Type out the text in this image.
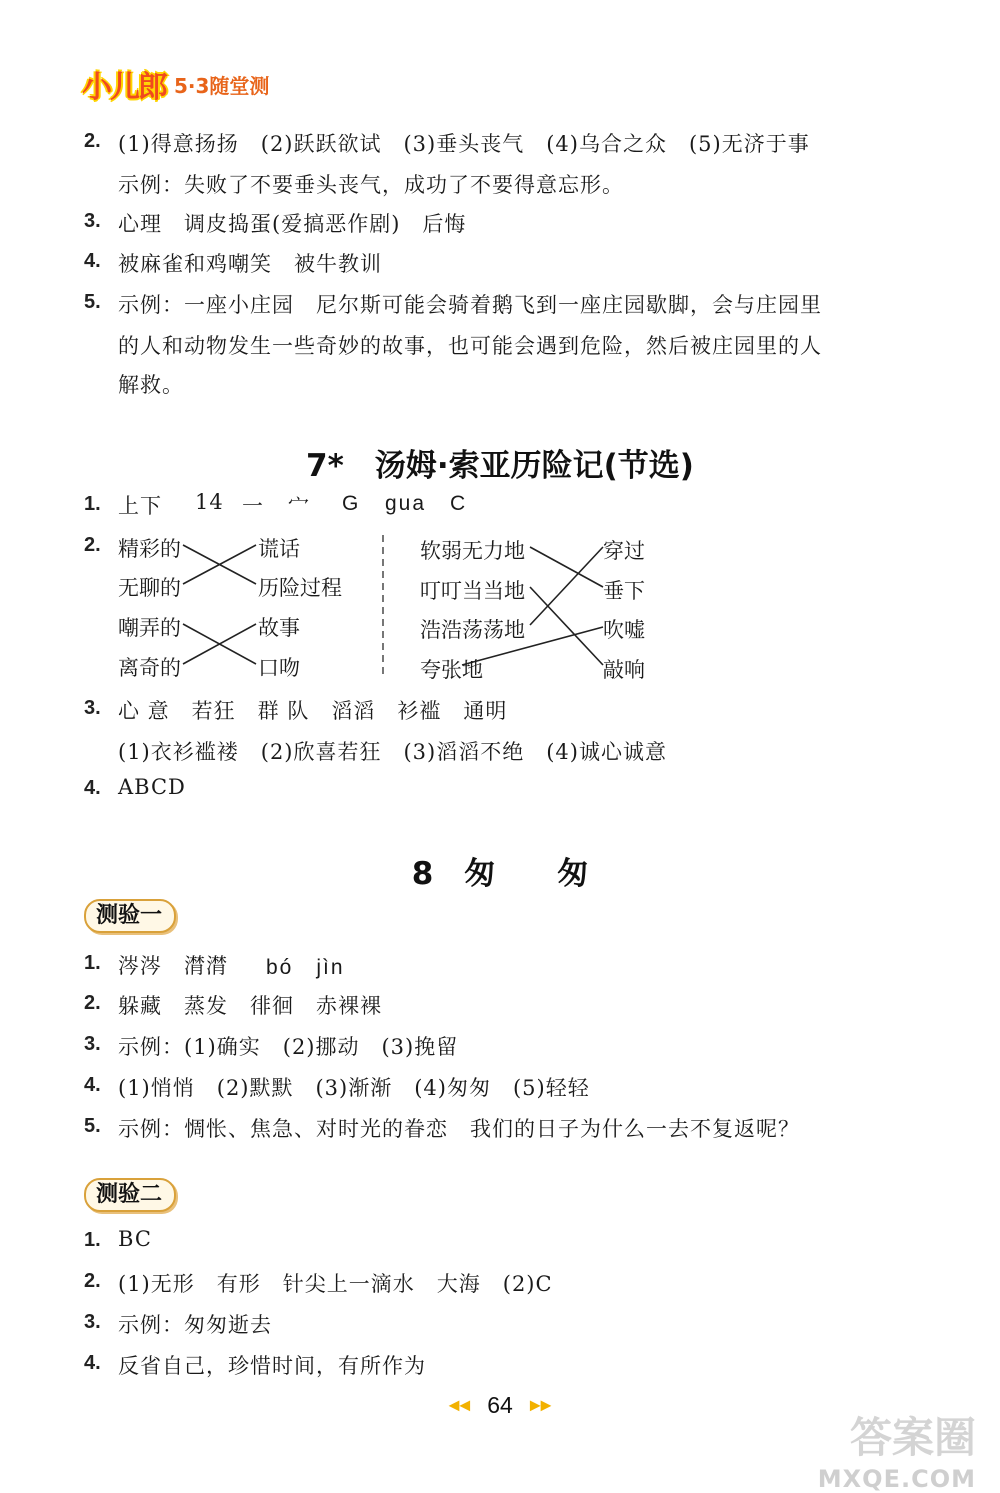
小儿郎 5·3随堂测
2. (1)得意扬扬　(2)跃跃欲试　(3)垂头丧气　(4)乌合之众　(5)无济于事
示例：失败了不要垂头丧气，成功了不要得意忘形。
3. 心理　调皮捣蛋(爱搞恶作剧)　后悔
4. 被麻雀和鸡嘲笑　被牛教训
5. 示例：一座小庄园　尼尔斯可能会骑着鹅飞到一座庄园歇脚，会与庄园里
的人和动物发生一些奇妙的故事，也可能会遇到危险，然后被庄园里的人
解救。
7*　汤姆·索亚历险记(节选)
1. 上下 14 一 宀 G gua C
2. 精彩的
无聊的
嘲弄的
离奇的
谎话
历险过程
故事
口吻
软弱无力地
叮叮当当地
浩浩荡荡地
夸张地
穿过
垂下
吹嘘
敲响
3. 心 意　若狂　群 队　滔滔　衫褴　通明
(1)衣衫褴褛　(2)欣喜若狂　(3)滔滔不绝　(4)诚心诚意
4. ABCD
8　匆　　匆
测验一
1. 涔涔　潸潸 bó　jìn
2. 躲藏　蒸发　徘徊　赤裸裸
3. 示例：(1)确实　(2)挪动　(3)挽留
4. (1)悄悄　(2)默默　(3)渐渐　(4)匆匆　(5)轻轻
5. 示例：惆怅、焦急、对时光的眷恋　我们的日子为什么一去不复返呢？
测验二
1. BC
2. (1)无形　有形　针尖上一滴水　大海　(2)C
3. 示例：匆匆逝去
4. 反省自己，珍惜时间，有所作为
◀◀ 64 ▶▶
答案圈
MXQE.COM
